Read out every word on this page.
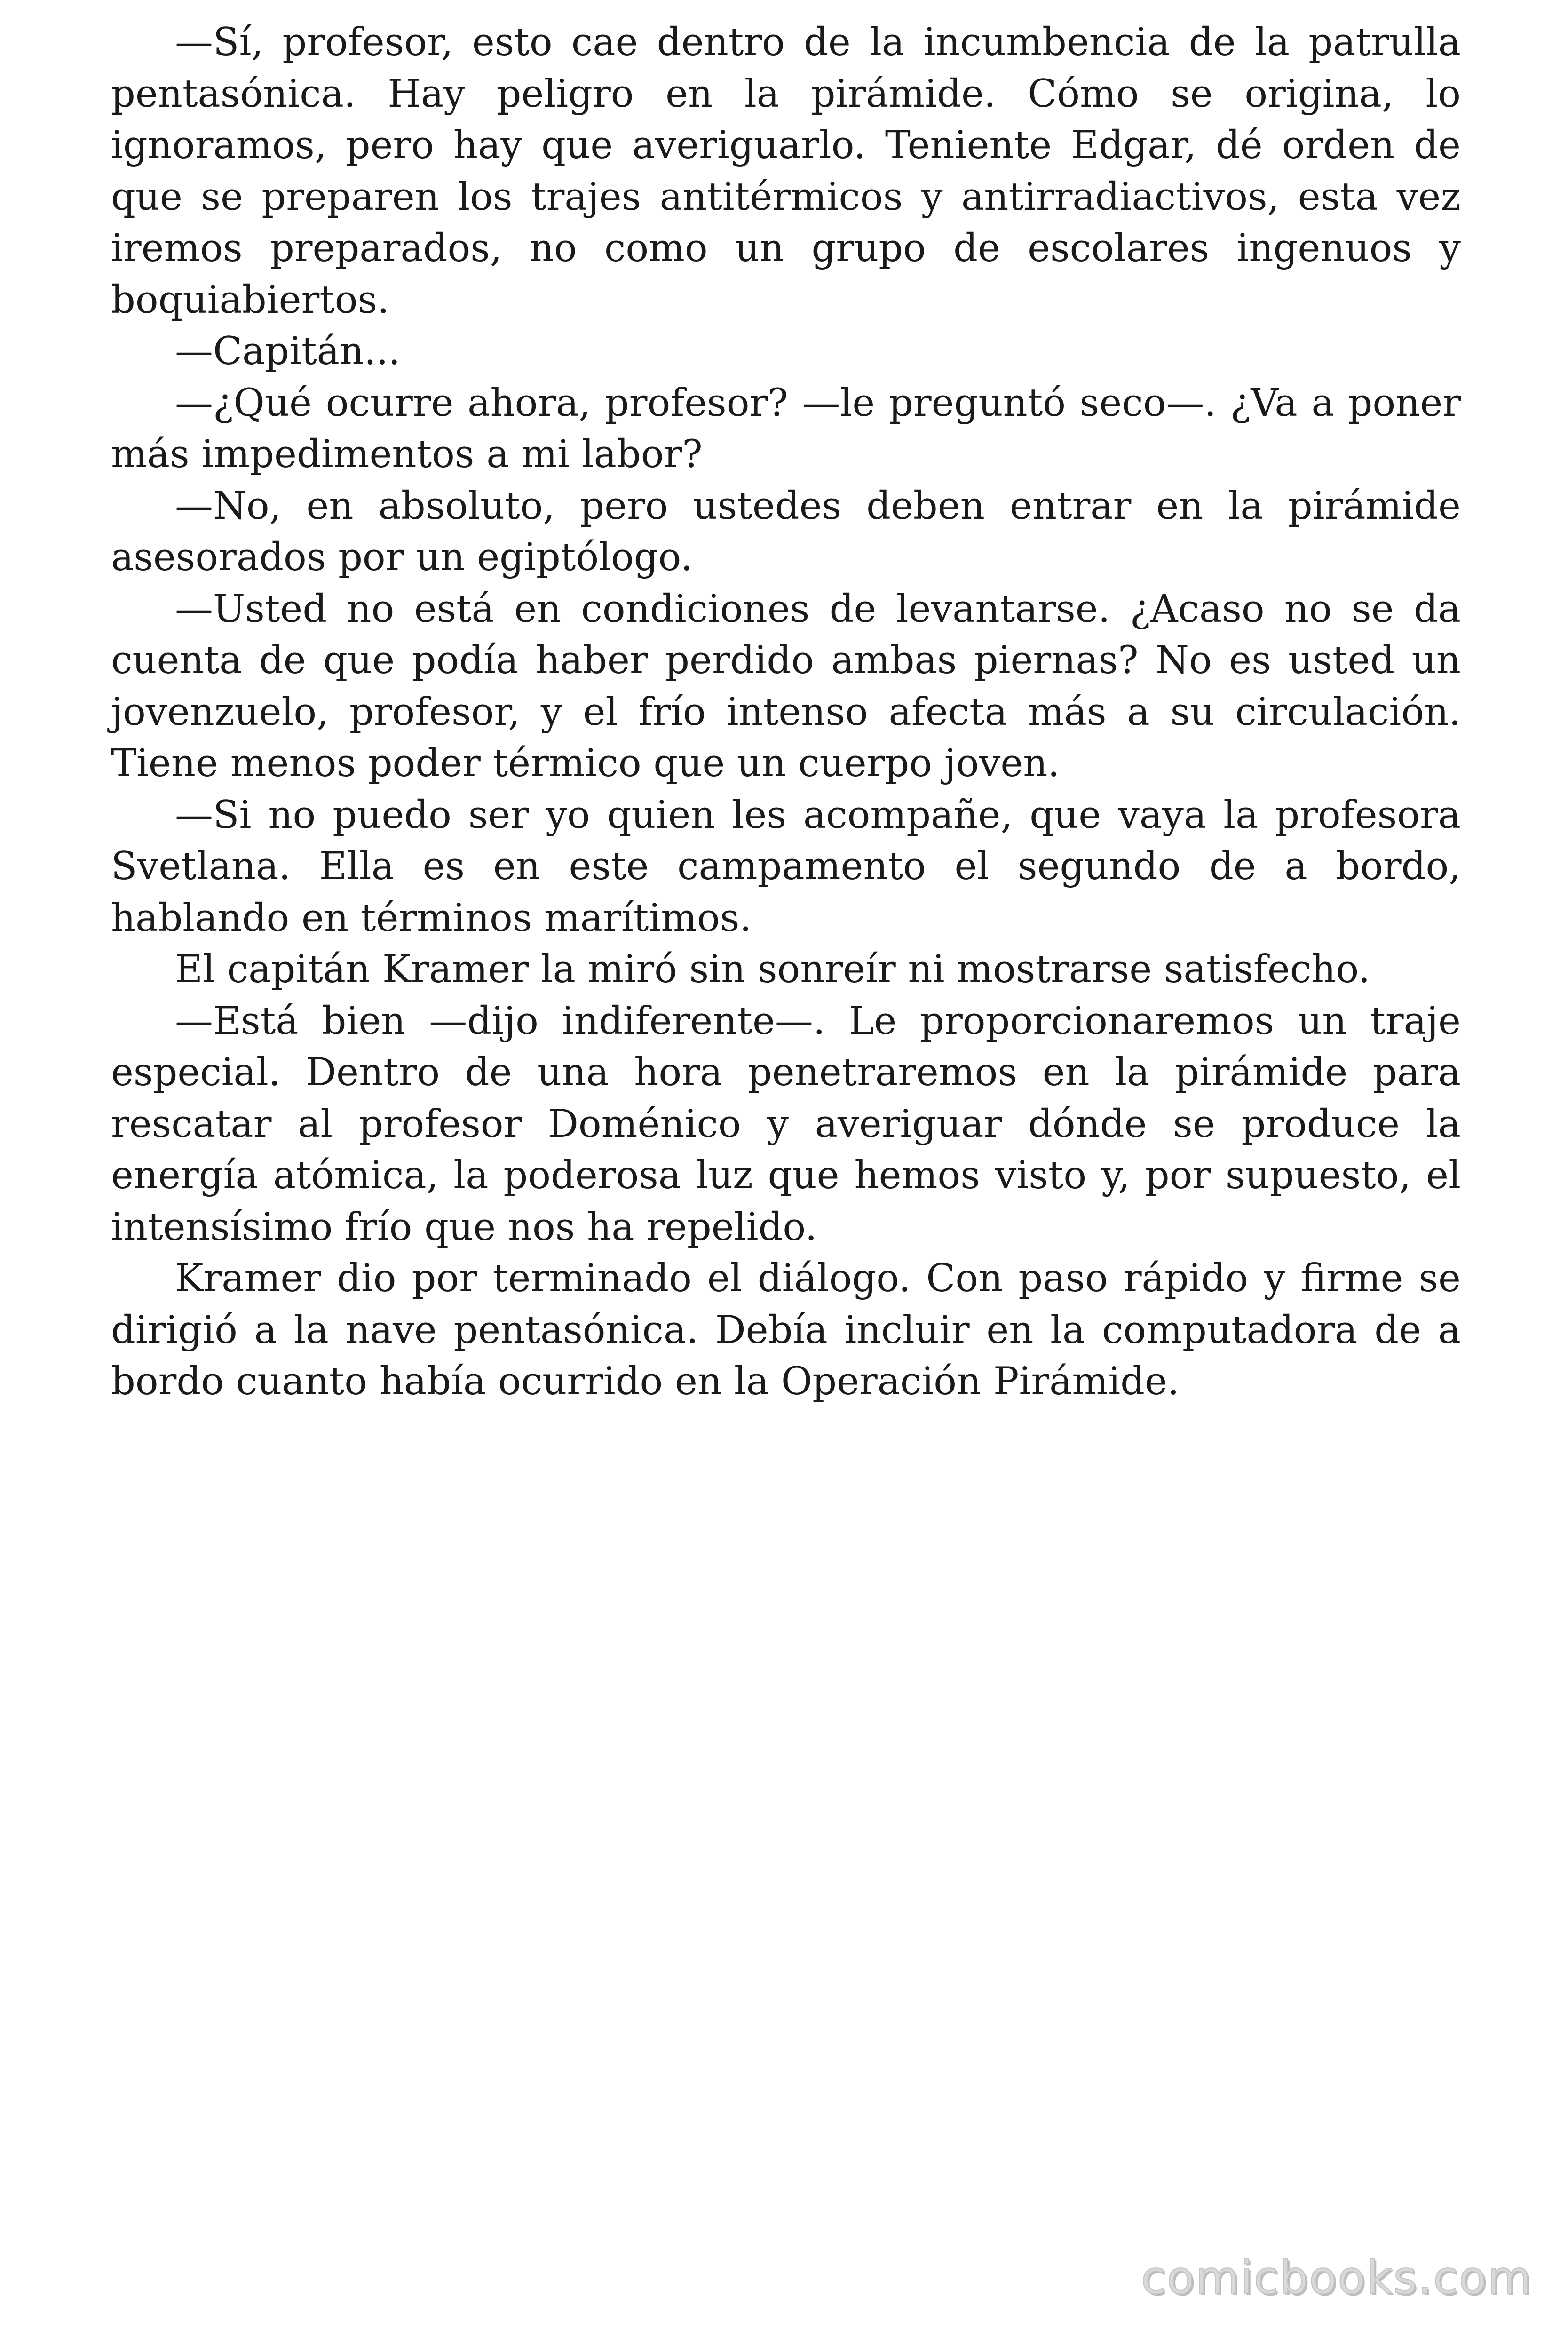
—Sí, profesor, esto cae dentro de la incumbencia de la patrulla pentasónica. Hay peligro en la pirámide. Cómo se origina, lo ignoramos, pero hay que averiguarlo. Teniente Edgar, dé orden de que se preparen los trajes antitérmicos y antirradiactivos, esta vez iremos preparados, no como un grupo de escolares ingenuos y boquiabiertos.

—Capitán...

—¿Qué ocurre ahora, profesor? —le preguntó seco—. ¿Va a poner más impedimentos a mi labor?

—No, en absoluto, pero ustedes deben entrar en la pirámide asesorados por un egiptólogo.

—Usted no está en condiciones de levantarse. ¿Acaso no se da cuenta de que podía haber perdido ambas piernas? No es usted un jovenzuelo, profesor, y el frío intenso afecta más a su circulación. Tiene menos poder térmico que un cuerpo joven.

—Si no puedo ser yo quien les acompañe, que vaya la profesora Svetlana. Ella es en este campamento el segundo de a bordo, hablando en términos marítimos.

El capitán Kramer la miró sin sonreír ni mostrarse satisfecho.

—Está bien —dijo indiferente—. Le proporcionaremos un traje especial. Dentro de una hora penetraremos en la pirámide para rescatar al profesor Doménico y averiguar dónde se produce la energía atómica, la poderosa luz que hemos visto y, por supuesto, el intensísimo frío que nos ha repelido.

Kramer dio por terminado el diálogo. Con paso rápido y firme se dirigió a la nave pentasónica. Debía incluir en la computadora de a bordo cuanto había ocurrido en la Operación Pirámide.

comicbooks.com
